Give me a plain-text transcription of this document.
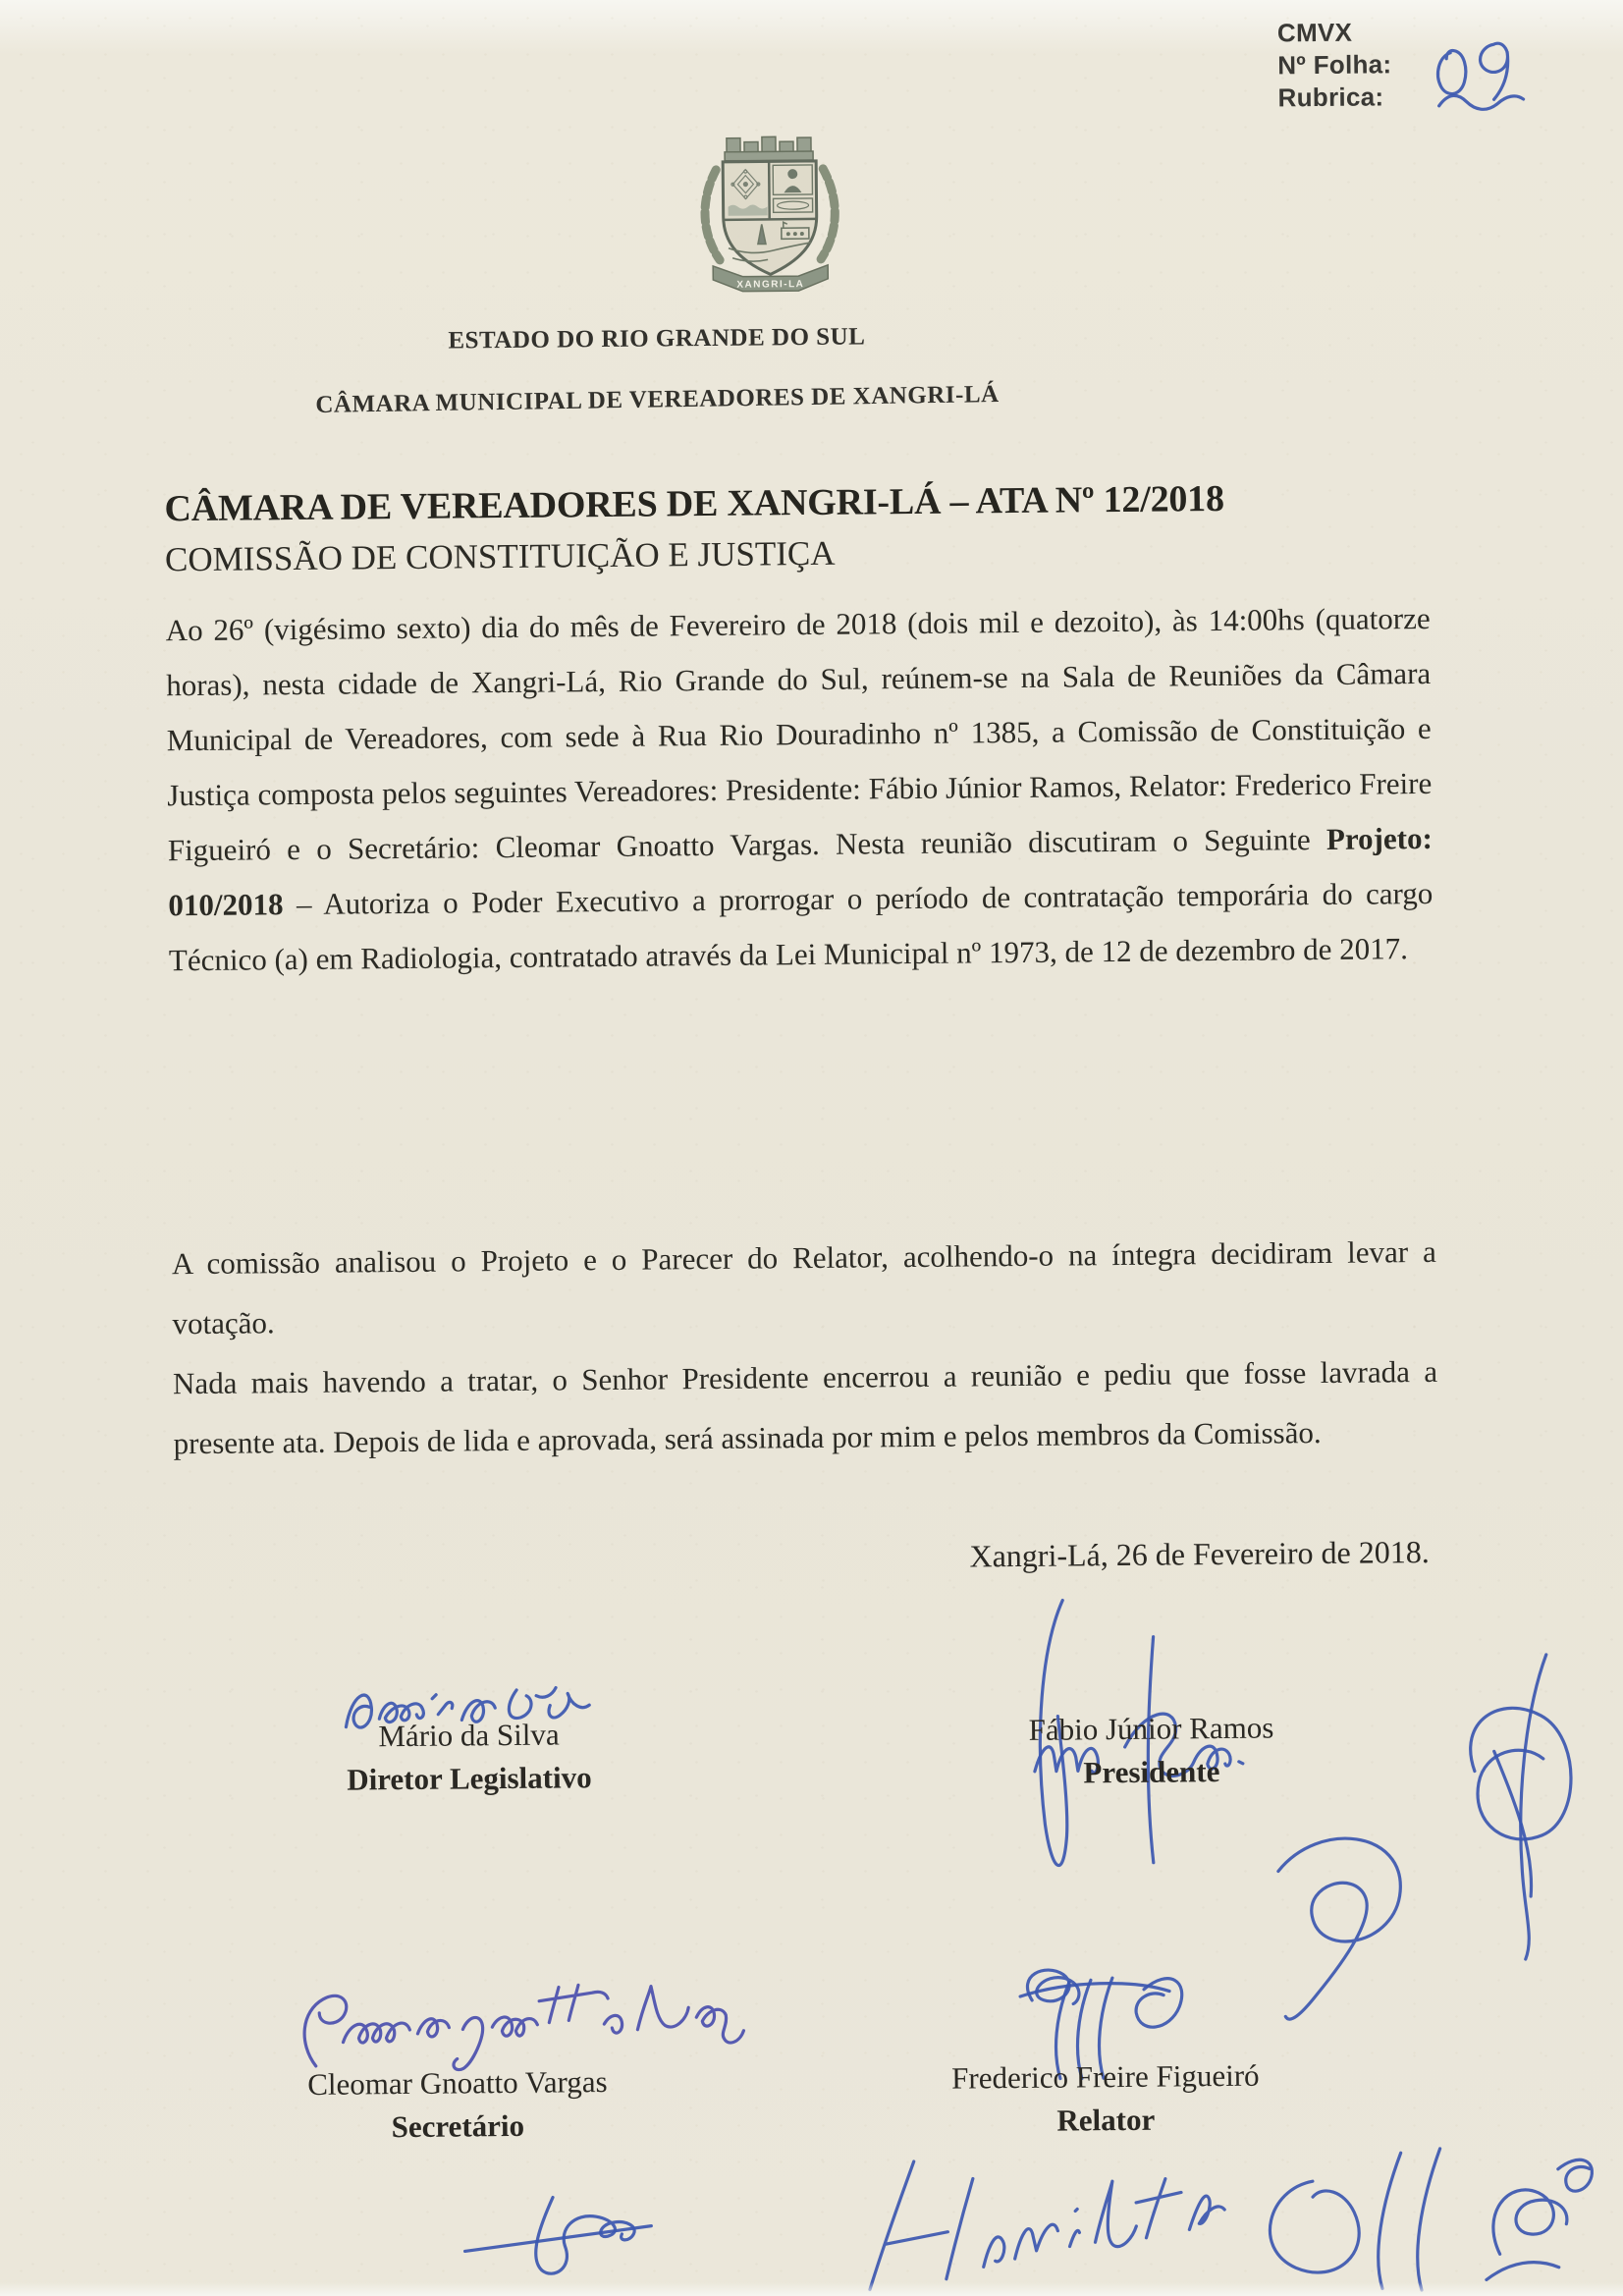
CMVX
Nº Folha:
Rubrica:
XANGRI-LA
ESTADO DO RIO GRANDE DO SUL
CÂMARA MUNICIPAL DE VEREADORES DE XANGRI-LÁ
CÂMARA DE VEREADORES DE XANGRI-LÁ – ATA Nº 12/2018
COMISSÃO DE CONSTITUIÇÃO E JUSTIÇA
Ao 26º (vigésimo sexto) dia do mês de Fevereiro de 2018 (dois mil e dezoito), às 14:00hs (quatorze horas), nesta cidade de Xangri-Lá, Rio Grande do Sul, reúnem-se na Sala de Reuniões da Câmara Municipal de Vereadores, com sede à Rua Rio Douradinho nº 1385, a Comissão de Constituição e Justiça composta pelos seguintes Vereadores: Presidente: Fábio Júnior Ramos, Relator: Frederico Freire Figueiró e o Secretário: Cleomar Gnoatto Vargas. Nesta reunião discutiram o Seguinte Projeto: 010/2018 – Autoriza o Poder Executivo a prorrogar o período de contratação temporária do cargo Técnico (a) em Radiologia, contratado através da Lei Municipal nº 1973, de 12 de dezembro de 2017.
A comissão analisou o Projeto e o Parecer do Relator, acolhendo-o na íntegra decidiram levar a votação.
Nada mais havendo a tratar, o Senhor Presidente encerrou a reunião e pediu que fosse lavrada a presente ata. Depois de lida e aprovada, será assinada por mim e pelos membros da Comissão.
Xangri-Lá, 26 de Fevereiro de 2018.
Mário da Silva
Diretor Legislativo
Fábio Júnior Ramos
Presidente
Cleomar Gnoatto Vargas
Secretário
Frederico Freire Figueiró
Relator
